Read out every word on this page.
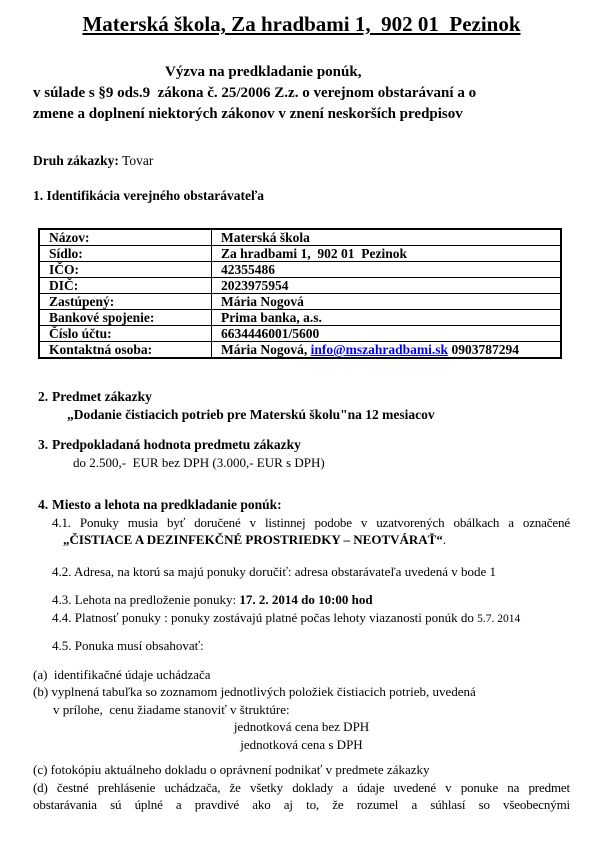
Materská škola, Za hradbami 1,  902 01  Pezinok
Výzva na predkladanie ponúk,
v súlade s §9 ods.9  zákona č. 25/2006 Z.z. o verejnom obstarávaní a o
zmene a doplnení niektorých zákonov v znení neskorších predpisov
Druh zákazky: Tovar
1. Identifikácia verejného obstarávateľa
Názov:	Materská škola
Sídlo:	Za hradbami 1,  902 01  Pezinok
IČO:	42355486
DIČ:	2023975954
Zastúpený:	Mária Nogová
Bankové spojenie:	Prima banka, a.s.
Číslo účtu:	6634446001/5600
Kontaktná osoba:	Mária Nogová, info@mszahradbami.sk 0903787294
2. Predmet zákazky
„Dodanie čistiacich potrieb pre Materskú školu"na 12 mesiacov
3. Predpokladaná hodnota predmetu zákazky
do 2.500,-  EUR bez DPH (3.000,- EUR s DPH)
4. Miesto a lehota na predkladanie ponúk:
4.1. Ponuky musia byť doručené v listinnej podobe v uzatvorených obálkach a označené
„ČISTIACE A DEZINFEKČNÉ PROSTRIEDKY – NEOTVÁRAŤ“.
4.2. Adresa, na ktorú sa majú ponuky doručiť: adresa obstarávateľa uvedená v bode 1
4.3. Lehota na predloženie ponuky: 17. 2. 2014 do 10:00 hod
4.4. Platnosť ponuky : ponuky zostávajú platné počas lehoty viazanosti ponúk do 5.7. 2014
4.5. Ponuka musí obsahovať:
(a)  identifikačné údaje uchádzača
(b) vyplnená tabuľka so zoznamom jednotlivých položiek čistiacich potrieb, uvedená
v prílohe,  cenu žiadame stanoviť v štruktúre:
jednotková cena bez DPH
jednotková cena s DPH
(c) fotokópiu aktuálneho dokladu o oprávnení podnikať v predmete zákazky
(d) čestné prehlásenie uchádzača, že všetky doklady a údaje uvedené v ponuke na predmet
obstarávania sú úplné a pravdivé ako aj to, že rozumel a súhlasí so všeobecnými
